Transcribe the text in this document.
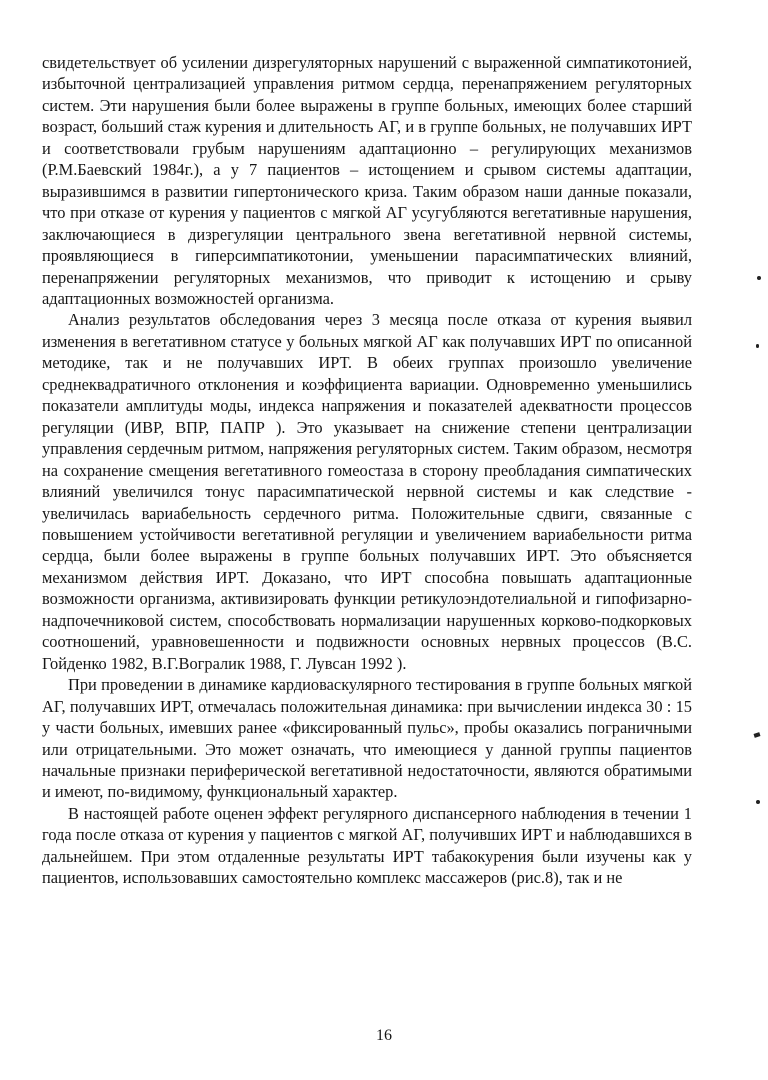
свидетельствует об усилении дизрегуляторных нарушений с выраженной симпатикотонией, избыточной централизацией управления ритмом сердца, перенапряжением регуляторных систем. Эти нарушения были более выражены в группе больных, имеющих более старший возраст, больший стаж курения и длительность АГ, и в группе больных, не получавших ИРТ и соответствовали грубым нарушениям адаптационно – регулирующих механизмов (Р.М.Баевский 1984г.), а у 7 пациентов – истощением и срывом системы адаптации, выразившимся в развитии гипертонического криза. Таким образом наши данные показали, что при отказе от курения у пациентов с мягкой АГ усугубляются вегетативные нарушения, заключающиеся в дизрегуляции центрального звена вегетативной нервной системы, проявляющиеся в гиперсимпатикотонии, уменьшении парасимпатических влияний, перенапряжении регуляторных механизмов, что приводит к истощению и срыву адаптационных возможностей организма.

Анализ результатов обследования через 3 месяца после отказа от курения выявил изменения в вегетативном статусе у больных мягкой АГ как получавших ИРТ по описанной методике, так и не получавших ИРТ. В обеих группах произошло увеличение среднеквадратичного отклонения и коэффициента вариации. Одновременно уменьшились показатели амплитуды моды, индекса напряжения и показателей адекватности процессов регуляции (ИВР, ВПР, ПАПР ). Это указывает на снижение степени централизации управления сердечным ритмом, напряжения регуляторных систем. Таким образом, несмотря на сохранение смещения вегетативного гомеостаза в сторону преобладания симпатических влияний увеличился тонус парасимпатической нервной системы и как следствие - увеличилась вариабельность сердечного ритма. Положительные сдвиги, связанные с повышением устойчивости вегетативной регуляции и увеличением вариабельности ритма сердца, были более выражены в группе больных получавших ИРТ. Это объясняется механизмом действия ИРТ. Доказано, что ИРТ способна повышать адаптационные возможности организма, активизировать функции ретикулоэндотелиальной и гипофизарно-надпочечниковой систем, способствовать нормализации нарушенных корково-подкорковых соотношений, уравновешенности и подвижности основных нервных процессов (В.С. Гойденко 1982, В.Г.Вогралик 1988, Г. Лувсан 1992 ).

При проведении в динамике кардиоваскулярного тестирования в группе больных мягкой АГ, получавших ИРТ, отмечалась положительная динамика: при вычислении индекса 30 : 15 у части больных, имевших ранее «фиксированный пульс», пробы оказались пограничными или отрицательными. Это может означать, что имеющиеся у данной группы пациентов начальные признаки периферической вегетативной недостаточности, являются обратимыми и имеют, по-видимому, функциональный характер.

В настоящей работе оценен эффект регулярного диспансерного наблюдения в течении 1 года после отказа от курения у пациентов с мягкой АГ, получивших ИРТ и наблюдавшихся в дальнейшем. При этом отдаленные результаты ИРТ табакокурения были изучены как у пациентов, использовавших самостоятельно комплекс массажеров (рис.8), так и не

16
